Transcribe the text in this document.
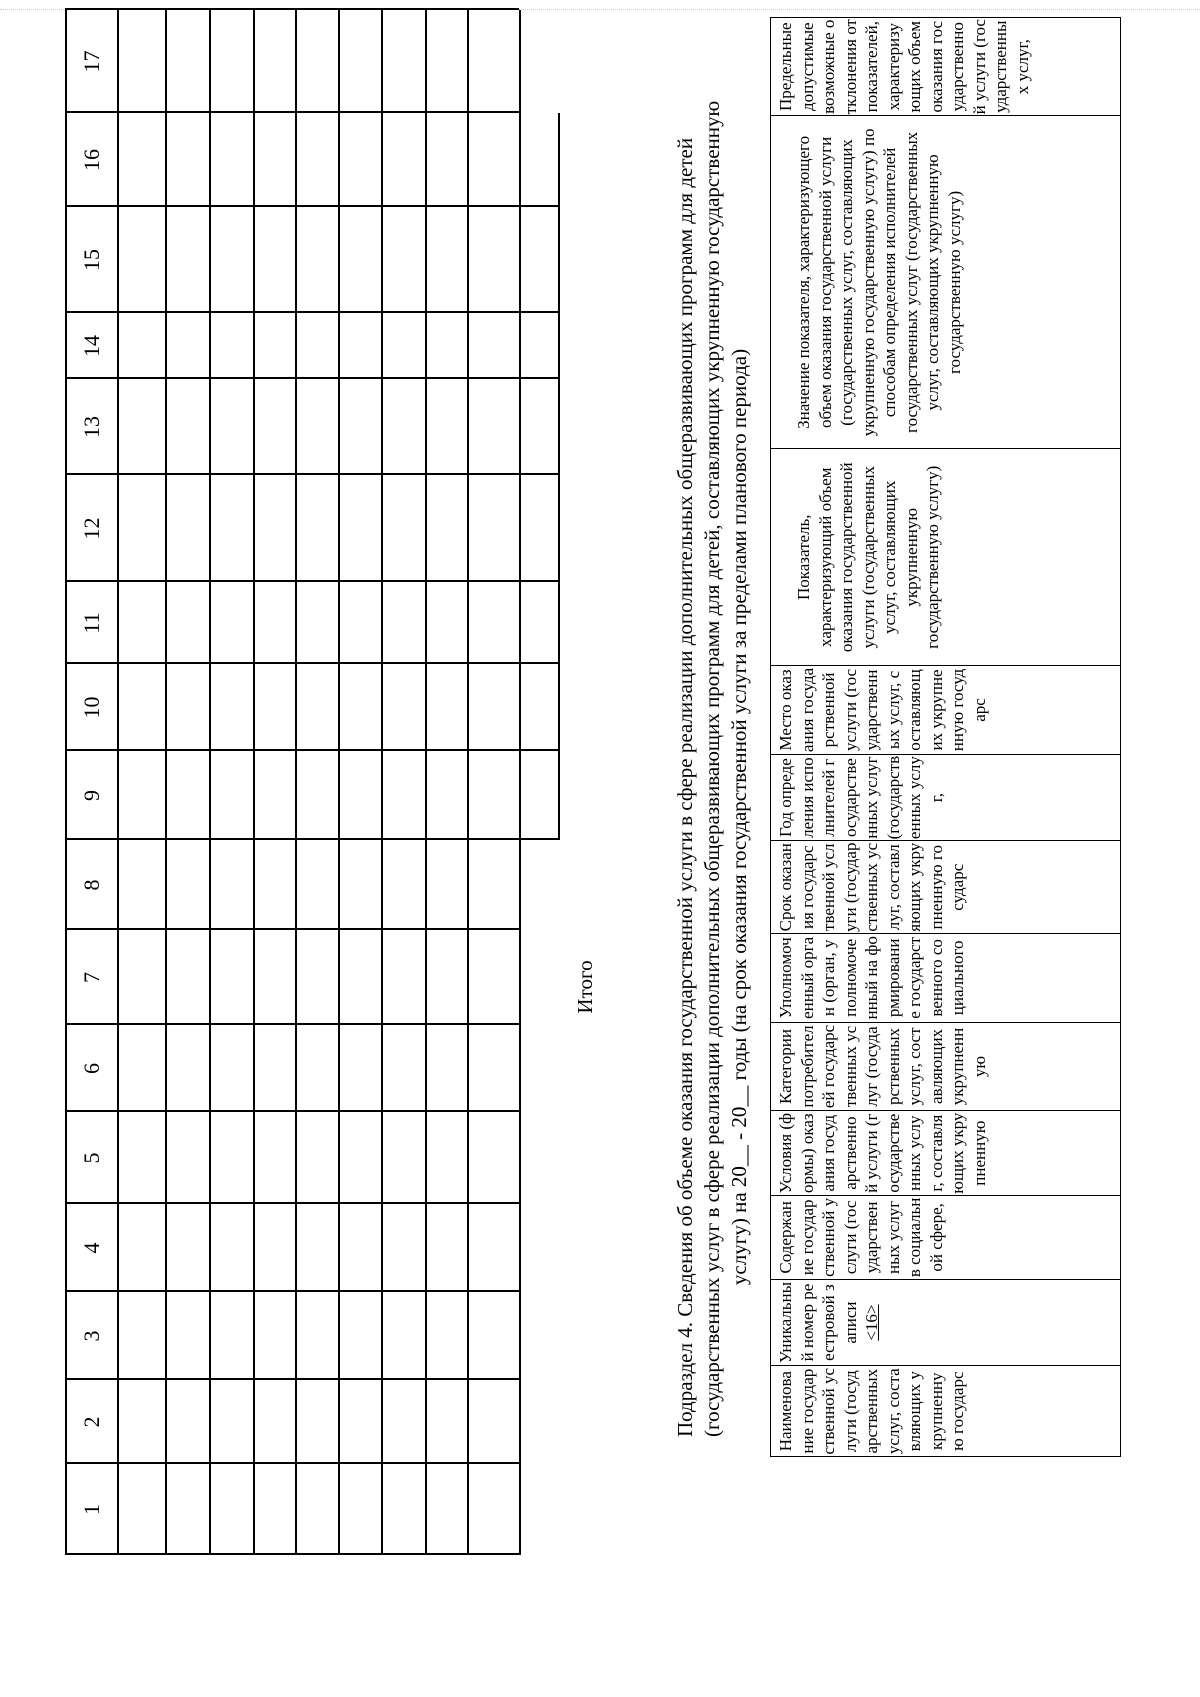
1
2
3
4
5
6
7
8
9
10
11
12
13
14
15
16
17
Итого	Подраздел 4. Сведения об объеме оказания государственной услуги в сфере реализации дополнительных общеразвивающих программ для детей (государственных услуг в сфере реализации дополнительных общеразвивающих программ для детей, составляющих укрупненную государственную услугу) на 20__ - 20__ годы (на срок оказания государственной услуги за пределами планового периода)
Наименование государственной услуги (государственных услуг, составляющих укрупненную государс
Уникальный номер реестровой записи <16>
Содержание государственной услуги (государственных услуг в социальной сфере,
Условия (формы) оказания государственной услуги (государственных услуг, составляющих укрупненную
Категории потребителей государственных услуг (государственных услуг, составляющих укрупненную
Уполномоченный орган (орган, уполномоченный на формирование государственного социального
Срок оказания государственной услуги (государственных услуг, составляющих укрупненную государс
Год определения исполнителей государственных услуг (государственных услуг,
Место оказания государственной услуги (государственных услуг, составляющих укрупненную государс
Показатель, характеризующий объем оказания государственной услуги (государственных услуг, составляющих укрупненную государственную услугу)
Значение показателя, характеризующего объем оказания государственной услуги (государственных услуг, составляющих укрупненную государственную услугу) по способам определения исполнителей государственных услуг (государственных услуг, составляющих укрупненную государственную услугу)
Предельные допустимые возможные отклонения от показателей, характеризующих объем оказания государственной услуги (государственных услуг,
